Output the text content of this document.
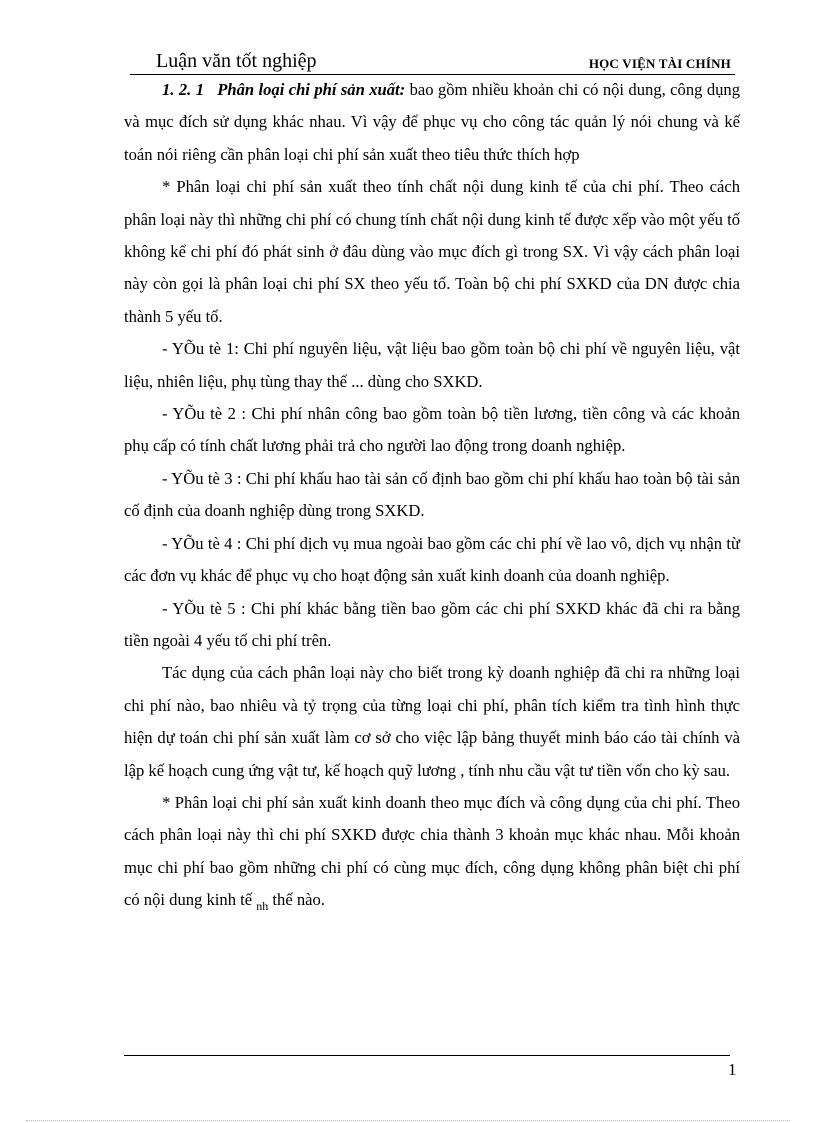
Luận văn tốt nghiệp	HỌC VIỆN TÀI CHÍNH

1. 2. 1 Phân loại chi phí sản xuất: bao gồm nhiều khoản chi có nội dung, công dụng và mục đích sử dụng khác nhau. Vì vậy để phục vụ cho công tác quản lý nói chung và kế toán nói riêng cần phân loại chi phí sản xuất theo tiêu thức thích hợp

* Phân loại chi phí sản xuất theo tính chất nội dung kinh tế của chi phí. Theo cách phân loại này thì những chi phí có chung tính chất nội dung kinh tế được xếp vào một yếu tố không kể chi phí đó phát sinh ở đâu dùng vào mục đích gì trong SX. Vì vậy cách phân loại này còn gọi là phân loại chi phí SX theo yếu tố. Toàn bộ chi phí SXKD của DN được chia thành 5 yếu tố.

- YÕu tè 1: Chi phí nguyên liệu, vật liệu bao gồm toàn bộ chi phí về nguyên liệu, vật liệu, nhiên liệu, phụ tùng thay thế ... dùng cho SXKD.

- YÕu tè 2 : Chi phí nhân công bao gồm toàn bộ tiền lương, tiền công và các khoản phụ cấp có tính chất lương phải trả cho người lao động trong doanh nghiệp.

- YÕu tè 3 : Chi phí khấu hao tài sản cố định bao gồm chi phí khấu hao toàn bộ tài sản cố định của doanh nghiệp dùng trong SXKD.

- YÕu tè 4 : Chi phí dịch vụ mua ngoài bao gồm các chi phí về lao vô, dịch vụ nhận từ các đơn vụ khác để phục vụ cho hoạt động sản xuất kinh doanh của doanh nghiệp.

- YÕu tè 5 : Chi phí khác bằng tiền bao gồm các chi phí SXKD khác đã chi ra bằng tiền ngoài 4 yếu tố chi phí trên.

Tác dụng của cách phân loại này cho biết trong kỳ doanh nghiệp đã chi ra những loại chi phí nào, bao nhiêu và tỷ trọng của từng loại chi phí, phân tích kiểm tra tình hình thực hiện dự toán chi phí sản xuất làm cơ sở cho việc lập bảng thuyết minh báo cáo tài chính và lập kế hoạch cung ứng vật tư, kế hoạch quỹ lương , tính nhu cầu vật tư tiền vốn cho kỳ sau.

* Phân loại chi phí sản xuất kinh doanh theo mục đích và công dụng của chi phí. Theo cách phân loại này thì chi phí SXKD được chia thành 3 khoản mục khác nhau. Mỗi khoản mục chi phí bao gồm những chi phí có cùng mục đích, công dụng không phân biệt chi phí có nội dung kinh tế $_{nh}$ thế nào.

1
